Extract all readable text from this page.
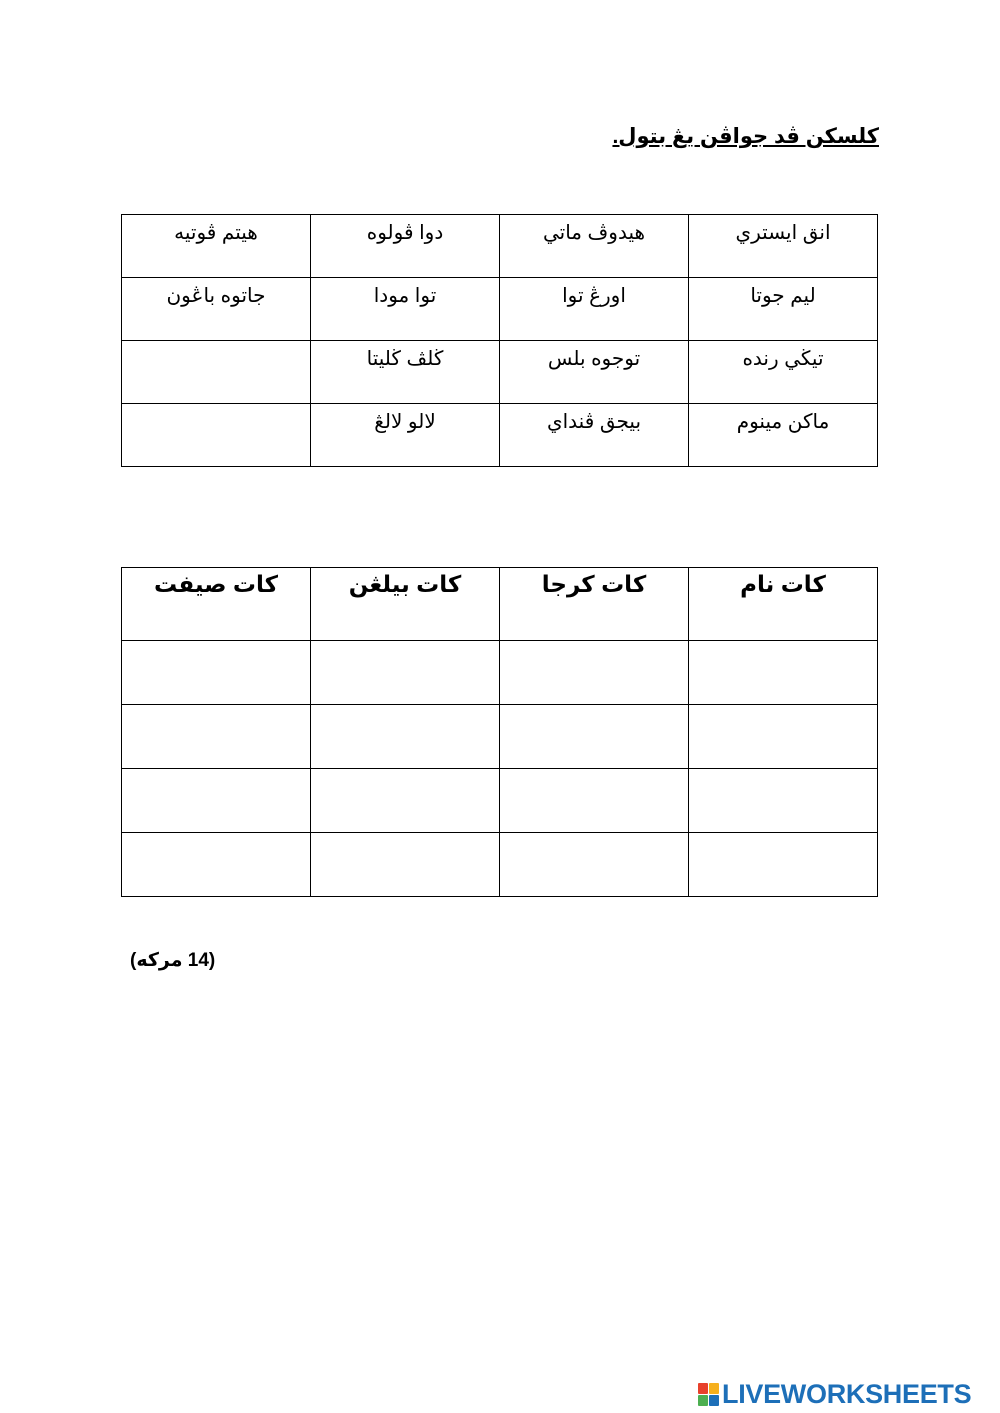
كلسكن ڤد جواڤن يڠ بتول.
انق ايستري	هيدوڤ ماتي	دوا ڤولوه	هيتم ڤوتيه
ليم جوتا	اورڠ توا	توا مودا	جاتوه باڠون
تيڬي رنده	توجوه بلس	ڬلڤ ڬليتا	
ماكن مينوم	بيجق ڤنداي	لالو لالڠ	
كات نام	كات كرجا	كات بيلڠن	كات صيفت

(14 مركه)
LIVEWORKSHEETS
